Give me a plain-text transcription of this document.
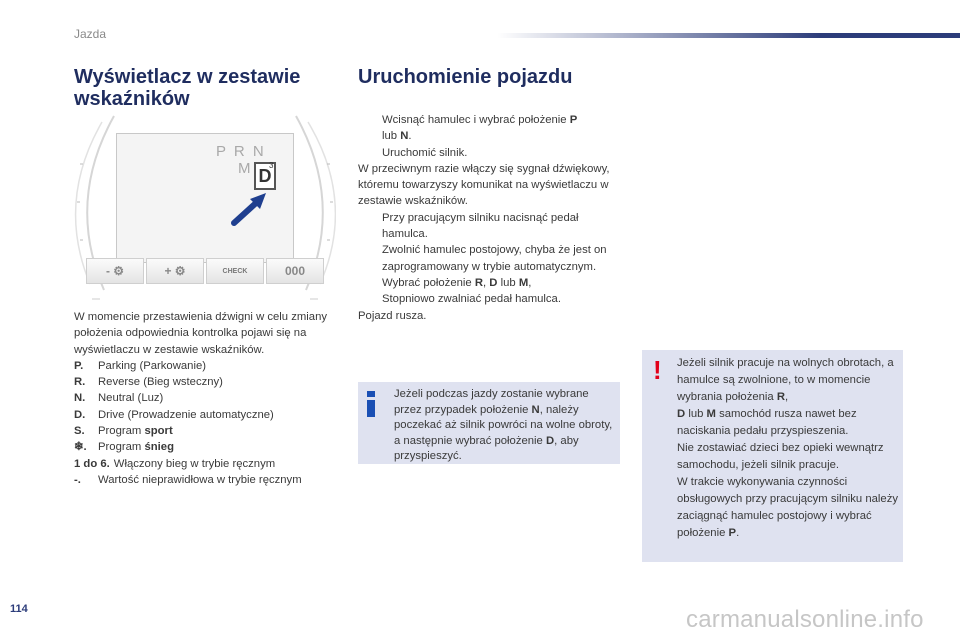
Jazda
Wyświetlacz w zestawie wskaźników
Uruchomienie pojazdu
P R N M D
3
- ⚙	+ ⚙	CHECK	000

W momencie przestawienia dźwigni w celu zmiany położenia odpowiednia kontrolka pojawi się na wyświetlaczu w zestawie wskaźników.

P.	Parking (Parkowanie)
R.	Reverse (Bieg wsteczny)
N.	Neutral (Luz)
D.	Drive (Prowadzenie automatyczne)
S.	Program sport
❄.	Program śnieg
1 do 6. Włączony bieg w trybie ręcznym
-.	Wartość nieprawidłowa w trybie ręcznym
Wcisnąć hamulec i wybrać położenie P
lub N.
Uruchomić silnik.

W przeciwnym razie włączy się sygnał dźwiękowy, któremu towarzyszy komunikat na wyświetlaczu w zestawie wskaźników.

Przy pracującym silniku nacisnąć pedał hamulca.
Zwolnić hamulec postojowy, chyba że jest on zaprogramowany w trybie automatycznym.
Wybrać położenie R, D lub M,
Stopniowo zwalniać pedał hamulca.

Pojazd rusza.

Jeżeli podczas jazdy zostanie wybrane przez przypadek położenie N, należy poczekać aż silnik powróci na wolne obroty, a następnie wybrać położenie D, aby przyspieszyć.
! Jeżeli silnik pracuje na wolnych obrotach, a hamulce są zwolnione, to w momencie wybrania położenia R,
D lub M samochód rusza nawet bez naciskania pedału przyspieszenia.
Nie zostawiać dzieci bez opieki wewnątrz samochodu, jeżeli silnik pracuje.
W trakcie wykonywania czynności obsługowych przy pracującym silniku należy zaciągnąć hamulec postojowy i wybrać położenie P.
114	carmanualsonline.info
